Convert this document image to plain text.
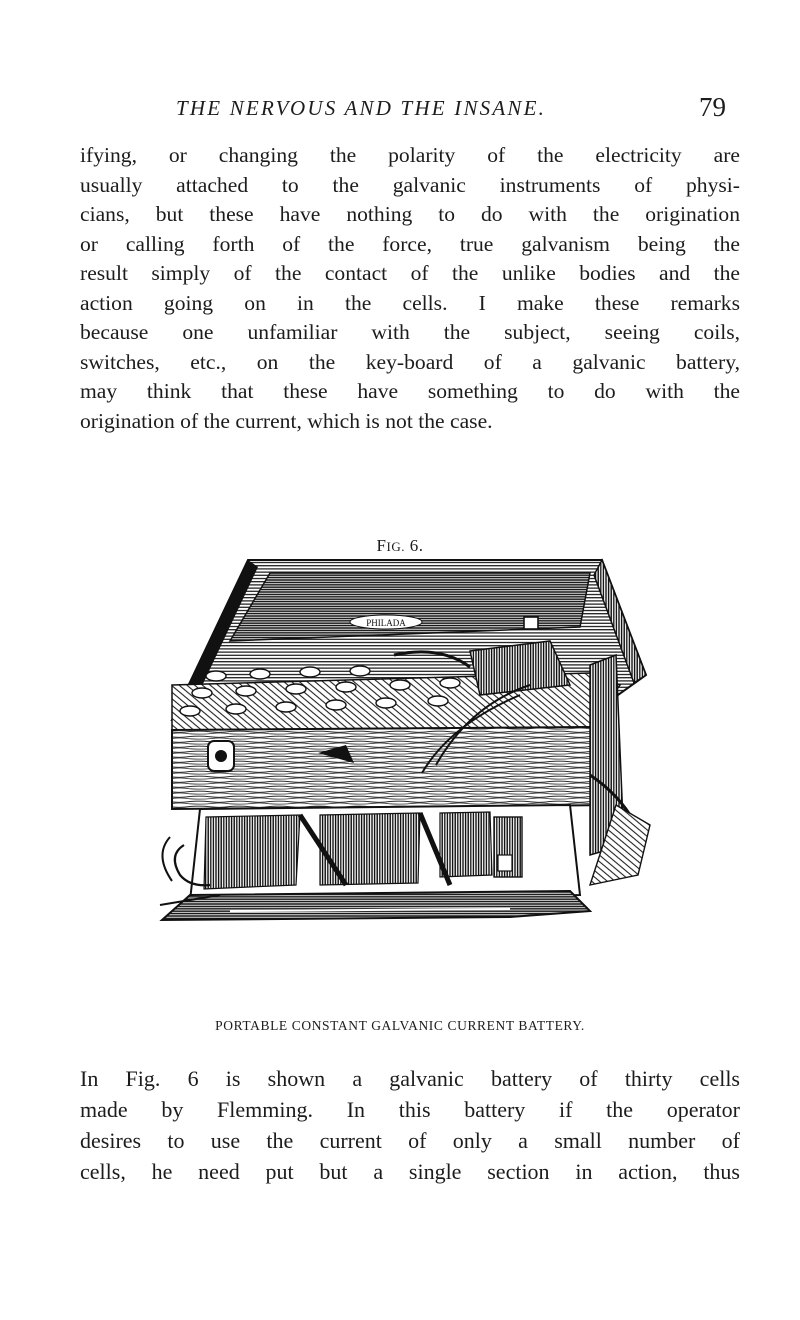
THE NERVOUS AND THE INSANE.	79

ifying, or changing the polarity of the electricity are
usually attached to the galvanic instruments of physi-
cians, but these have nothing to do with the origination
or calling forth of the force, true galvanism being the
result simply of the contact of the unlike bodies and the
action going on in the cells. I make these remarks
because one unfamiliar with the subject, seeing coils,
switches, etc., on the key-board of a galvanic battery,
may think that these have something to do with the
origination of the current, which is not the case.

FIG. 6.
PHILADA
PORTABLE CONSTANT GALVANIC CURRENT BATTERY.

In Fig. 6 is shown a galvanic battery of thirty cells
made by Flemming. In this battery if the operator
desires to use the current of only a small number of
cells, he need put but a single section in action, thus
